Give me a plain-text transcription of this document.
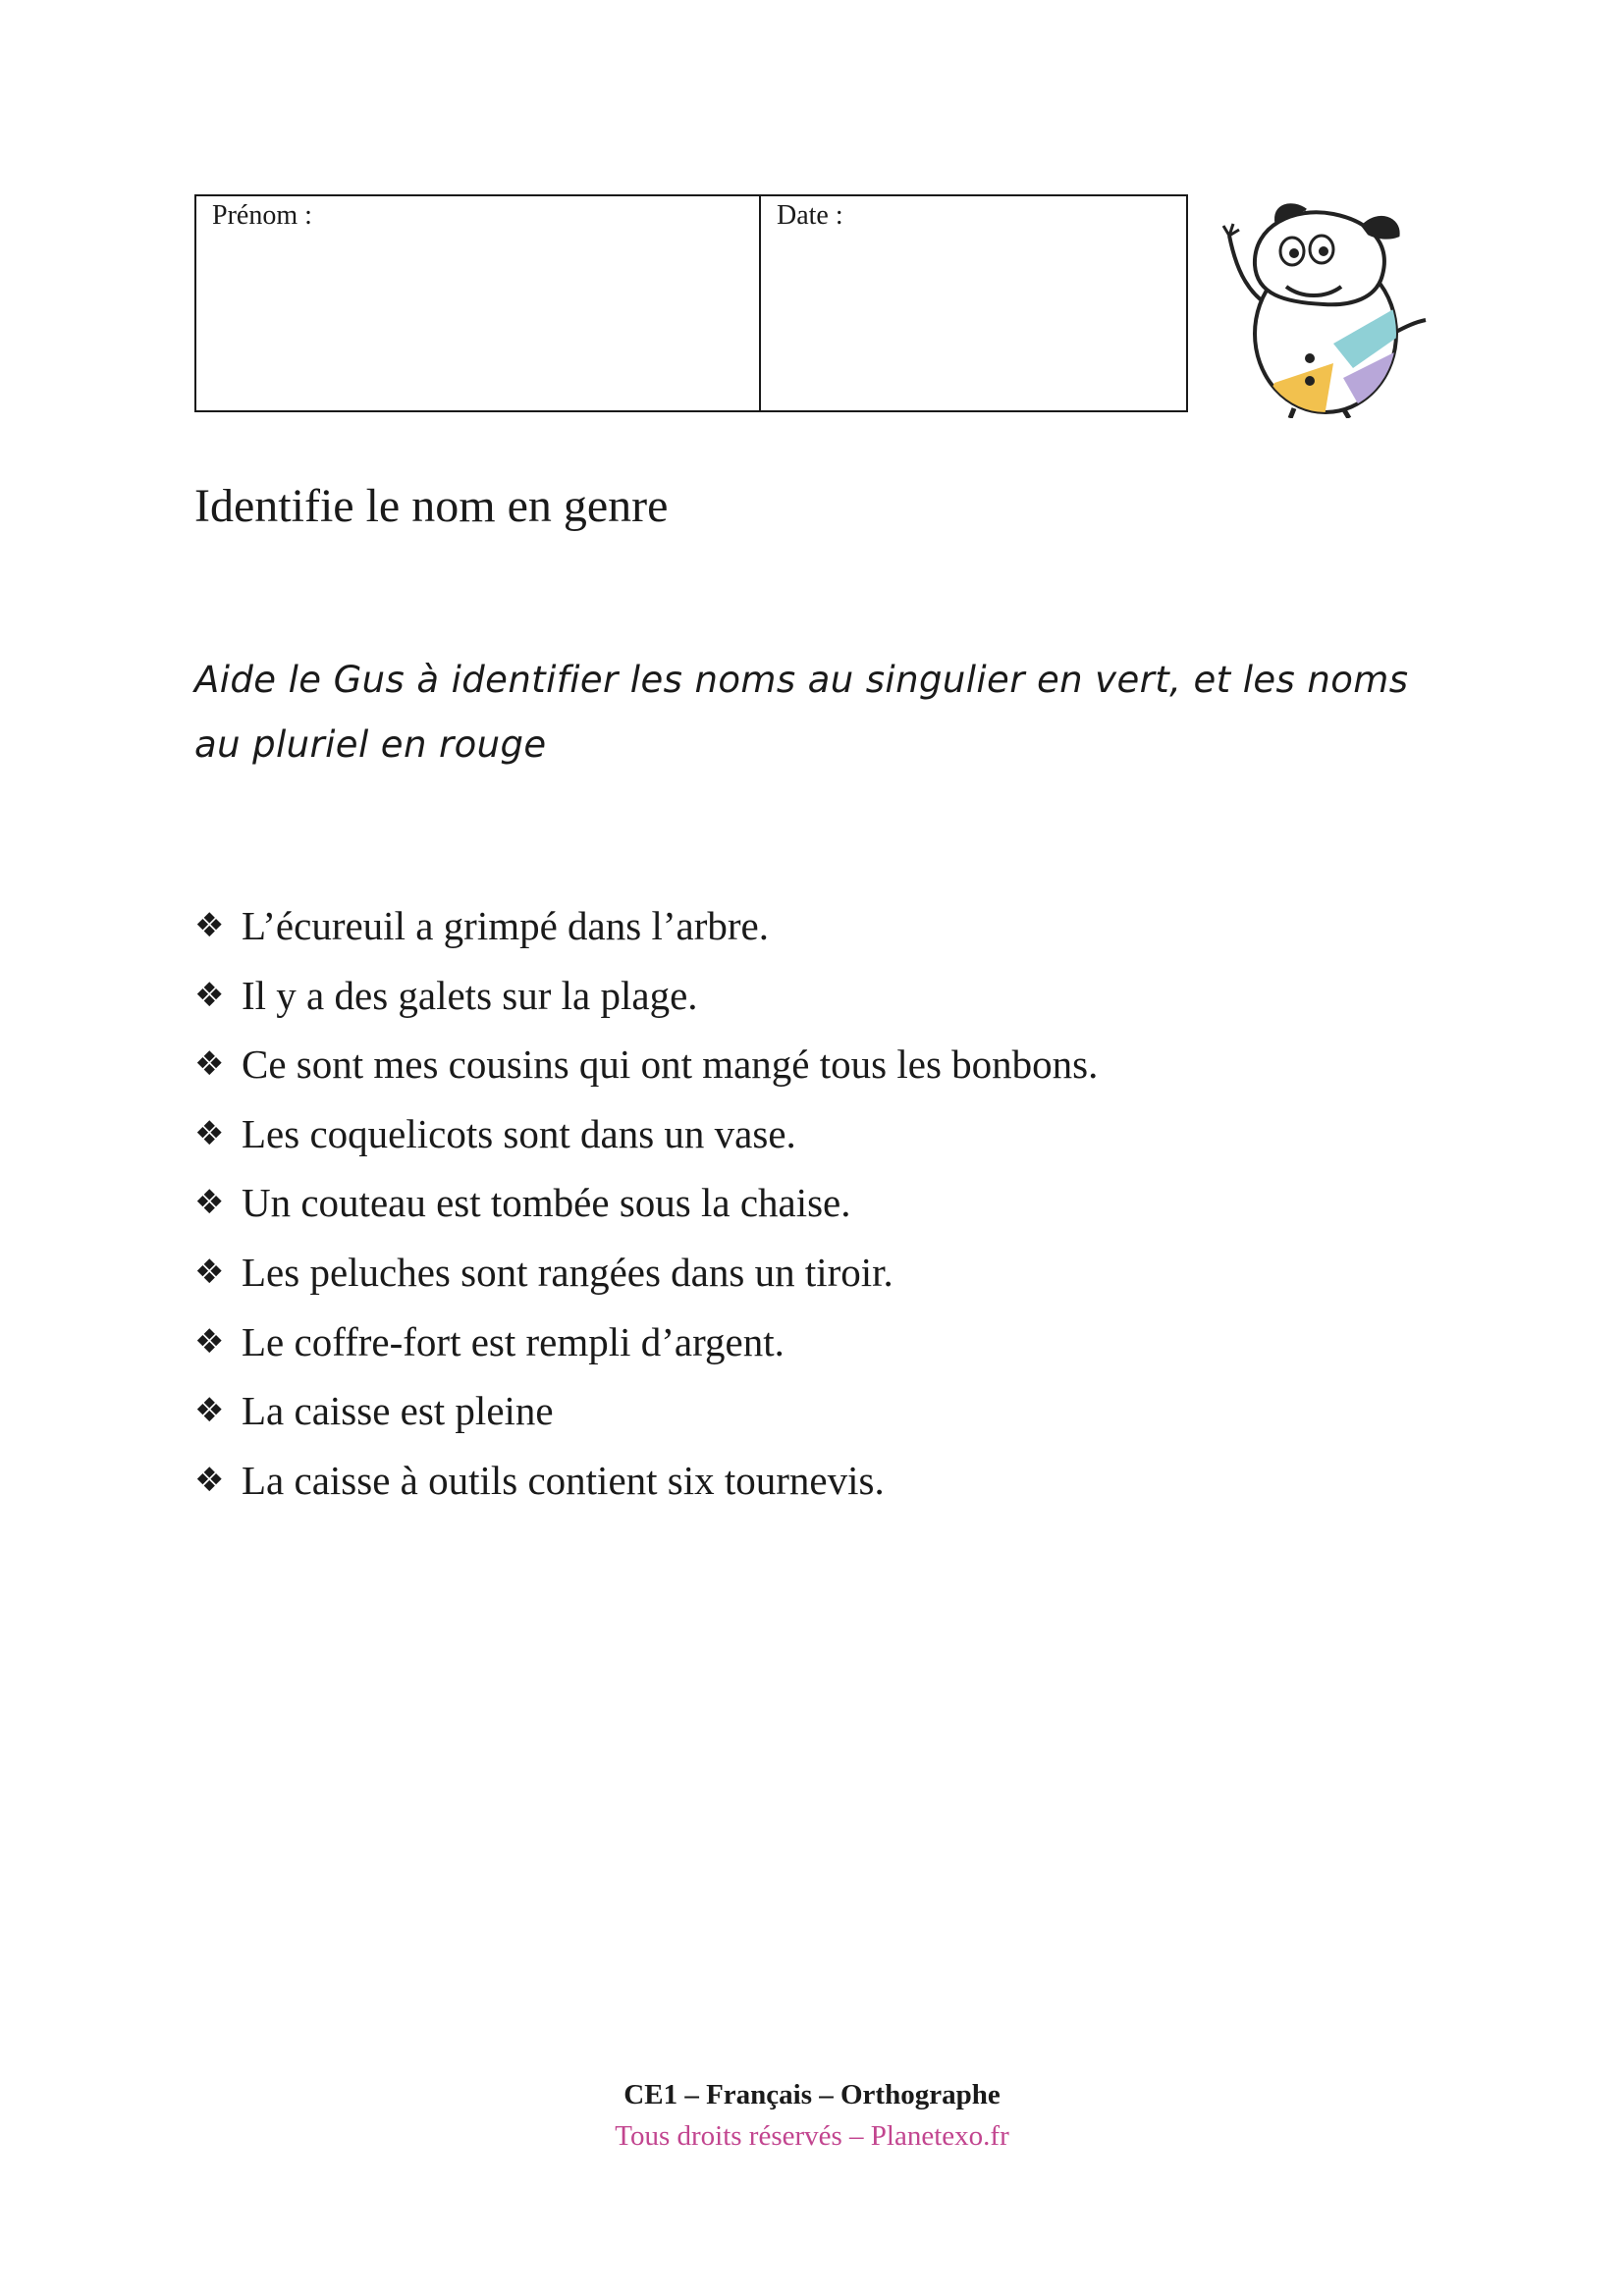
Prénom :	Date :
Identifie le nom en genre

Aide le Gus à identifier les noms au singulier en vert, et les noms au pluriel en rouge

❖ L’écureuil a grimpé dans l’arbre.
❖ Il y a des galets sur la plage.
❖ Ce sont mes cousins qui ont mangé tous les bonbons.
❖ Les coquelicots sont dans un vase.
❖ Un couteau est tombée sous la chaise.
❖ Les peluches sont rangées dans un tiroir.
❖ Le coffre-fort est rempli d’argent.
❖ La caisse est pleine
❖ La caisse à outils contient six tournevis.
CE1 – Français – Orthographe
Tous droits réservés – Planetexo.fr
